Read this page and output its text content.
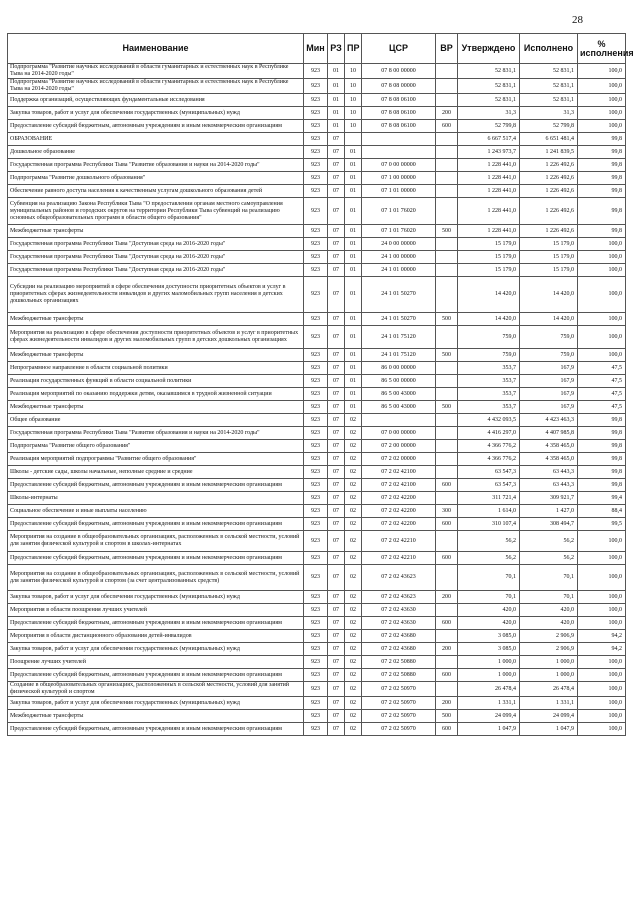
28
Наименование	Мин	РЗ	ПР	ЦСР	ВР	Утверждено	Исполнено	% исполнения
Подпрограмма "Развитие научных исследований в области гуманитарных и естественных наук в Республике Тыва на 2014-2020 годы"	923	01	10	07 8 00 00000		52 831,1	52 831,1	100,0
Подпрограмма "Развитие научных исследований в области гуманитарных и естественных наук в Республике Тыва на 2014-2020 годы"	923	01	10	07 8 08 00000		52 831,1	52 831,1	100,0
Поддержка организаций, осуществляющих фундаментальные исследования	923	01	10	07 8 08 06100		52 831,1	52 831,1	100,0
Закупка товаров, работ и услуг для обеспечения государственных (муниципальных) нужд	923	01	10	07 8 08 06100	200	31,3	31,3	100,0
Предоставление субсидий бюджетным, автономным учреждениям и иным некоммерческим организациям	923	01	10	07 8 08 06100	600	52 799,8	52 799,8	100,0
ОБРАЗОВАНИЕ	923	07				6 667 517,4	6 651 481,4	99,8
Дошкольное образование	923	07	01			1 243 973,7	1 241 839,5	99,8
Государственная программа Республики Тыва "Развитие образования и науки на 2014-2020 годы"	923	07	01	07 0 00 00000		1 228 441,0	1 226 492,6	99,8
Подпрограмма "Развитие дошкольного образования"	923	07	01	07 1 00 00000		1 228 441,0	1 226 492,6	99,8
Обеспечение равного доступа населения к качественным услугам дошкольного образования детей	923	07	01	07 1 01 00000		1 228 441,0	1 226 492,6	99,8
Субвенция на реализацию Закона Республики Тыва "О предоставлении органам местного самоуправления муниципальных районов и городских округов на территории Республики Тыва субвенций на реализацию основных общеобразовательных программ в области общего образования"	923	07	01	07 1 01 76020		1 228 441,0	1 226 492,6	99,8
Межбюджетные трансферты	923	07	01	07 1 01 76020	500	1 228 441,0	1 226 492,6	99,8
Государственная программа Республики Тыва "Доступная среда на 2016-2020 годы"	923	07	01	24 0 00 00000		15 179,0	15 179,0	100,0
Государственная программа Республики Тыва "Доступная среда на 2016-2020 годы"	923	07	01	24 1 00 00000		15 179,0	15 179,0	100,0
Государственная программа Республики Тыва "Доступная среда на 2016-2020 годы"	923	07	01	24 1 01 00000		15 179,0	15 179,0	100,0
Субсидии на реализацию мероприятий в сфере обеспечения доступности приоритетных объектов и услуг в приоритетных сферах жизнедеятельности инвалидов и других маломобильных групп населения в детских дошкольных организациях	923	07	01	24 1 01 50270		14 420,0	14 420,0	100,0
Межбюджетные трансферты	923	07	01	24 1 01 50270	500	14 420,0	14 420,0	100,0
Мероприятия на реализацию в сфере обеспечения доступности приоритетных объектов и услуг в приоритетных сферах жизнедеятельности инвалидов и других маломобильных групп в детских дошкольных организациях	923	07	01	24 1 01 75120		759,0	759,0	100,0
Межбюджетные трансферты	923	07	01	24 1 01 75120	500	759,0	759,0	100,0
Непрограммное направление в области социальной политики	923	07	01	86 0 00 00000		353,7	167,9	47,5
Реализация государственных функций в области социальной политики	923	07	01	86 5 00 00000		353,7	167,9	47,5
Реализация мероприятий по оказанию поддержки детям, оказавшимся в трудной жизненной ситуации	923	07	01	86 5 00 43000		353,7	167,9	47,5
Межбюджетные трансферты	923	07	01	86 5 00 43000	500	353,7	167,9	47,5
Общее образование	923	07	02			4 432 093,5	4 423 463,3	99,8
Государственная программа Республики Тыва "Развитие образования и науки на 2014-2020 годы"	923	07	02	07 0 00 00000		4 416 297,0	4 407 985,8	99,8
Подпрограмма "Развитие общего образования"	923	07	02	07 2 00 00000		4 366 776,2	4 358 465,0	99,8
Реализация мероприятий подпрограммы "Развитие общего образования"	923	07	02	07 2 02 00000		4 366 776,2	4 358 465,0	99,8
Школы - детские сады, школы начальные, неполные средние и средние	923	07	02	07 2 02 42100		63 547,3	63 443,3	99,8
Предоставление субсидий бюджетным, автономным учреждениям и иным некоммерческим организациям	923	07	02	07 2 02 42100	600	63 547,3	63 443,3	99,8
Школы-интернаты	923	07	02	07 2 02 42200		311 721,4	309 921,7	99,4
Социальное обеспечение и иные выплаты населению	923	07	02	07 2 02 42200	300	1 614,0	1 427,0	88,4
Предоставление субсидий бюджетным, автономным учреждениям и иным некоммерческим организациям	923	07	02	07 2 02 42200	600	310 107,4	308 494,7	99,5
Мероприятия на создание в общеобразовательных организациях, расположенных в сельской местности, условий для занятия физической культурой и спортом в школах-интернатах	923	07	02	07 2 02 42210		56,2	56,2	100,0
Предоставление субсидий бюджетным, автономным учреждениям и иным некоммерческим организациям	923	07	02	07 2 02 42210	600	56,2	56,2	100,0
Мероприятия на создание в общеобразовательных организациях, расположенных в сельской местности, условий для занятия физической культурой и спортом (за счет централизованных средств)	923	07	02	07 2 02 43623		70,1	70,1	100,0
Закупка товаров, работ и услуг для обеспечения государственных (муниципальных) нужд	923	07	02	07 2 02 43623	200	70,1	70,1	100,0
Мероприятия в области поощрения лучших учителей	923	07	02	07 2 02 43630		420,0	420,0	100,0
Предоставление субсидий бюджетным, автономным учреждениям и иным некоммерческим организациям	923	07	02	07 2 02 43630	600	420,0	420,0	100,0
Мероприятия в области дистанционного образования детей-инвалидов	923	07	02	07 2 02 43680		3 085,0	2 906,9	94,2
Закупка товаров, работ и услуг для обеспечения государственных (муниципальных) нужд	923	07	02	07 2 02 43680	200	3 085,0	2 906,9	94,2
Поощрение лучших учителей	923	07	02	07 2 02 50880		1 000,0	1 000,0	100,0
Предоставление субсидий бюджетным, автономным учреждениям и иным некоммерческим организациям	923	07	02	07 2 02 50880	600	1 000,0	1 000,0	100,0
Создание в общеобразовательных организациях, расположенных в сельской местности, условий для занятий физической культурой и спортом	923	07	02	07 2 02 50970		26 478,4	26 478,4	100,0
Закупка товаров, работ и услуг для обеспечения государственных (муниципальных) нужд	923	07	02	07 2 02 50970	200	1 331,1	1 331,1	100,0
Межбюджетные трансферты	923	07	02	07 2 02 50970	500	24 099,4	24 099,4	100,0
Предоставление субсидий бюджетным, автономным учреждениям и иным некоммерческим организациям	923	07	02	07 2 02 50970	600	1 047,9	1 047,9	100,0
